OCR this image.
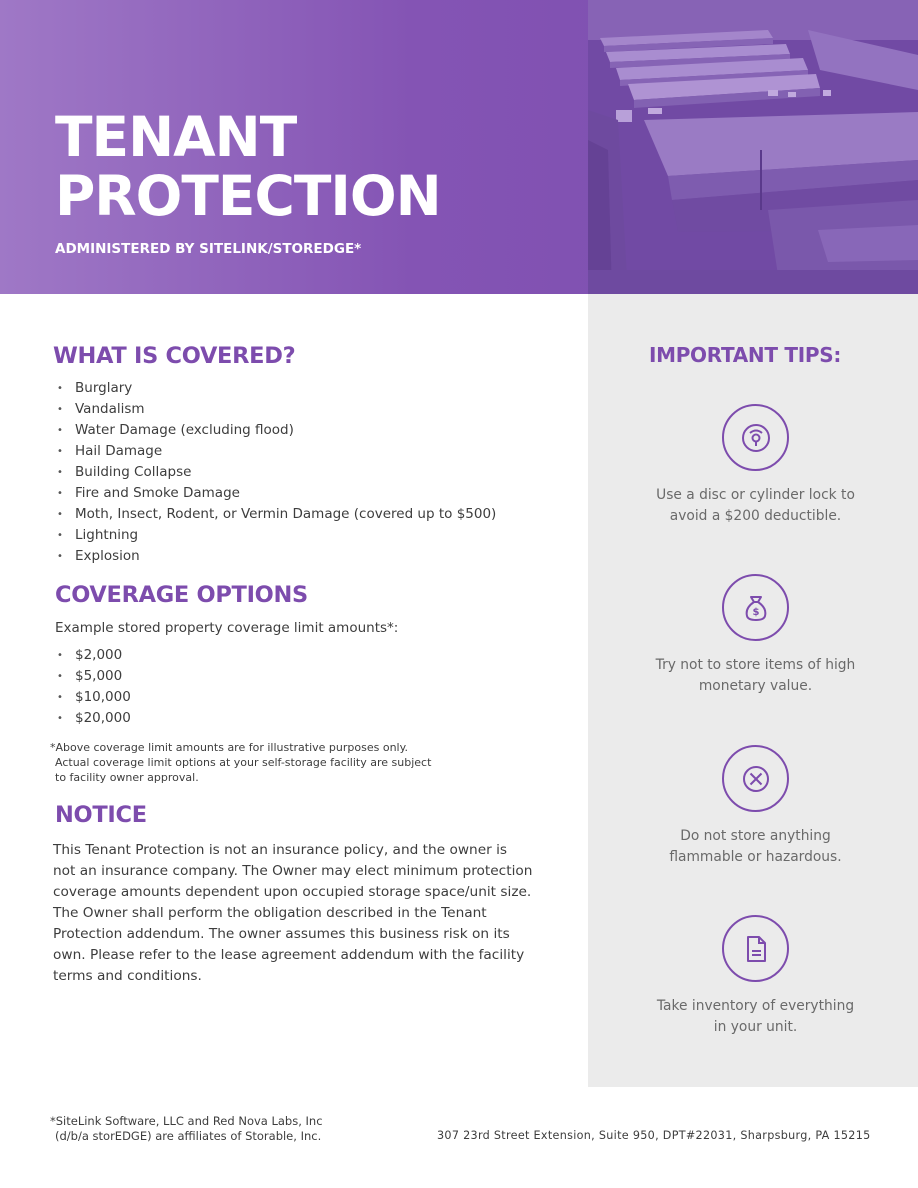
TENANT
PROTECTION
ADMINISTERED BY SITELINK/STOREDGE*
WHAT IS COVERED?
• Burglary
• Vandalism
• Water Damage (excluding flood)
• Hail Damage
• Building Collapse
• Fire and Smoke Damage
• Moth, Insect, Rodent, or Vermin Damage (covered up to $500)
• Lightning
• Explosion
COVERAGE OPTIONS
Example stored property coverage limit amounts*:
• $2,000
• $5,000
• $10,000
• $20,000
*Above coverage limit amounts are for illustrative purposes only.
Actual coverage limit options at your self-storage facility are subject
to facility owner approval.
NOTICE

This Tenant Protection is not an insurance policy, and the owner is not an insurance company. The Owner may elect minimum protection coverage amounts dependent upon occupied storage space/unit size. The Owner shall perform the obligation described in the Tenant Protection addendum. The owner assumes this business risk on its own. Please refer to the lease agreement addendum with the facility terms and conditions.

IMPORTANT TIPS:
Use a disc or cylinder lock to
avoid a $200 deductible.
$
Try not to store items of high
monetary value.
Do not store anything
flammable or hazardous.
Take inventory of everything
in your unit.
*SiteLink Software, LLC and Red Nova Labs, Inc
(d/b/a storEDGE) are affiliates of Storable, Inc.	307 23rd Street Extension, Suite 950, DPT#22031, Sharpsburg, PA 15215
